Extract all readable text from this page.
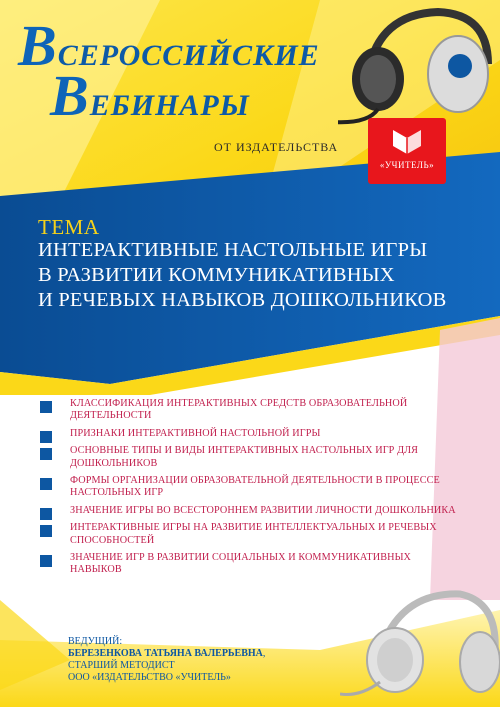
ВСЕРОССИЙСКИЕ
ВЕБИНАРЫ
ОТ ИЗДАТЕЛЬСТВА
«УЧИТЕЛЬ»
ТЕМА
ИНТЕРАКТИВНЫЕ НАСТОЛЬНЫЕ ИГРЫ
В РАЗВИТИИ КОММУНИКАТИВНЫХ
И РЕЧЕВЫХ НАВЫКОВ ДОШКОЛЬНИКОВ
КЛАССИФИКАЦИЯ ИНТЕРАКТИВНЫХ СРЕДСТВ ОБРАЗОВАТЕЛЬНОЙ ДЕЯТЕЛЬНОСТИ
ПРИЗНАКИ ИНТЕРАКТИВНОЙ НАСТОЛЬНОЙ ИГРЫ
ОСНОВНЫЕ ТИПЫ И ВИДЫ ИНТЕРАКТИВНЫХ НАСТОЛЬНЫХ ИГР ДЛЯ ДОШКОЛЬНИКОВ
ФОРМЫ ОРГАНИЗАЦИИ ОБРАЗОВАТЕЛЬНОЙ ДЕЯТЕЛЬНОСТИ В ПРОЦЕССЕ НАСТОЛЬНЫХ ИГР
ЗНАЧЕНИЕ ИГРЫ ВО ВСЕСТОРОННЕМ РАЗВИТИИ ЛИЧНОСТИ ДОШКОЛЬНИКА
ИНТЕРАКТИВНЫЕ ИГРЫ НА РАЗВИТИЕ ИНТЕЛЛЕКТУАЛЬНЫХ И РЕЧЕВЫХ СПОСОБНОСТЕЙ
ЗНАЧЕНИЕ ИГР В РАЗВИТИИ СОЦИАЛЬНЫХ И КОММУНИКАТИВНЫХ НАВЫКОВ
ВЕДУЩИЙ:
БЕРЕЗЕНКОВА ТАТЬЯНА ВАЛЕРЬЕВНА,
СТАРШИЙ МЕТОДИСТ
ООО «ИЗДАТЕЛЬСТВО «УЧИТЕЛЬ»
